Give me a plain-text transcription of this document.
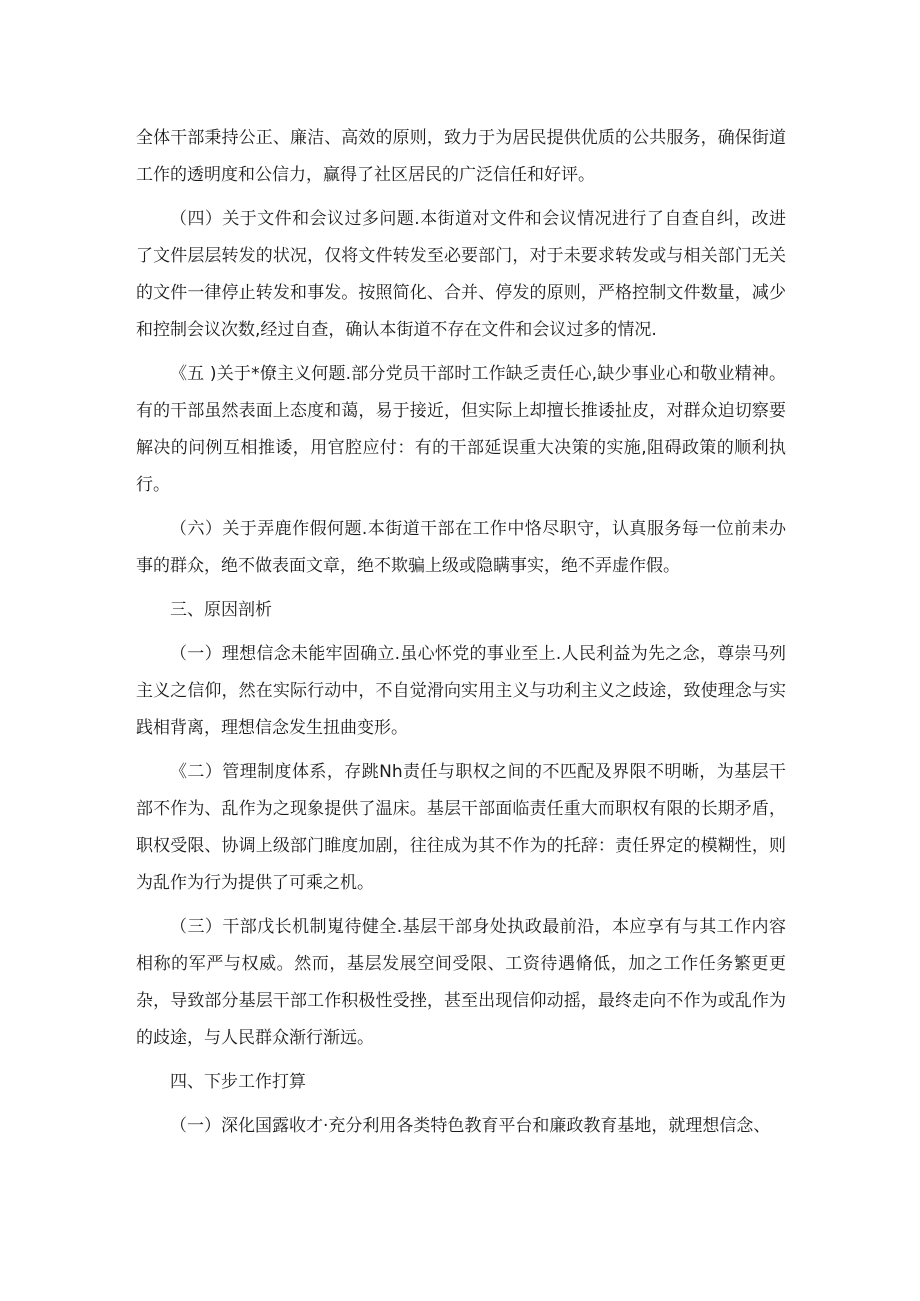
全体干部秉持公正、廉洁、高效的原则，致力于为居民提供优质的公共服务，确保街道工作的透明度和公信力，赢得了社区居民的广泛信任和好评。

（四）关于文件和会议过多问题.本街道对文件和会议情况进行了自查自纠，改进了文件层层转发的状况，仅将文件转发至必要部门，对于未要求转发或与相关部门无关的文件一律停止转发和事发。按照简化、合并、停发的原则，严格控制文件数量，减少和控制会议次数,经过自查，确认本街道不存在文件和会议过多的情况.

《五 )关于*僚主义何题.部分党员干部时工作缺乏责任心,缺少事业心和敬业精神。有的干部虽然表面上态度和蔼，易于接近，但实际上却擅长推诿扯皮，对群众迫切察要解决的问例互相推诿，用官腔应付：有的干部延误重大决策的实施,阻碍政策的顺利执行。

（六）关于弄鹿作假何题.本街道干部在工作中恪尽职守，认真服务每一位前耒办事的群众，绝不做表面文章，绝不欺骗上级或隐瞒事实，绝不弄虚作假。

三、原因剖析

（一）理想信念未能牢固确立.虽心怀党的事业至上.人民利益为先之念，尊崇马列主义之信仰，然在实际行动中，不自觉滑向实用主义与功利主义之歧途，致使理念与实践相背离，理想信念发生扭曲变形。

《二）管理制度体系，存跳Nh责任与职权之间的不匹配及界限不明晰，为基层干部不作为、乱作为之现象提供了温床。基层干部面临责任重大而职权有限的长期矛盾，职权受限、协调上级部门睢度加剧，往往成为其不作为的托辞：责任界定的模糊性，则为乱作为行为提供了可乘之机。

（三）干部戊长机制嵬待健全.基层干部身处执政最前沿，本应享有与其工作内容相称的军严与权威。然而，基层发展空间受限、工资待遇脩低，加之工作任务繁更更杂，导致部分基层干部工作积极性受挫，甚至出现信仰动摇，最终走向不作为或乱作为的歧途，与人民群众渐行渐远。

四、下步工作打算

（一）深化国露收才·充分利用各类特色教育平台和廉政教育基地，就理想信念、
